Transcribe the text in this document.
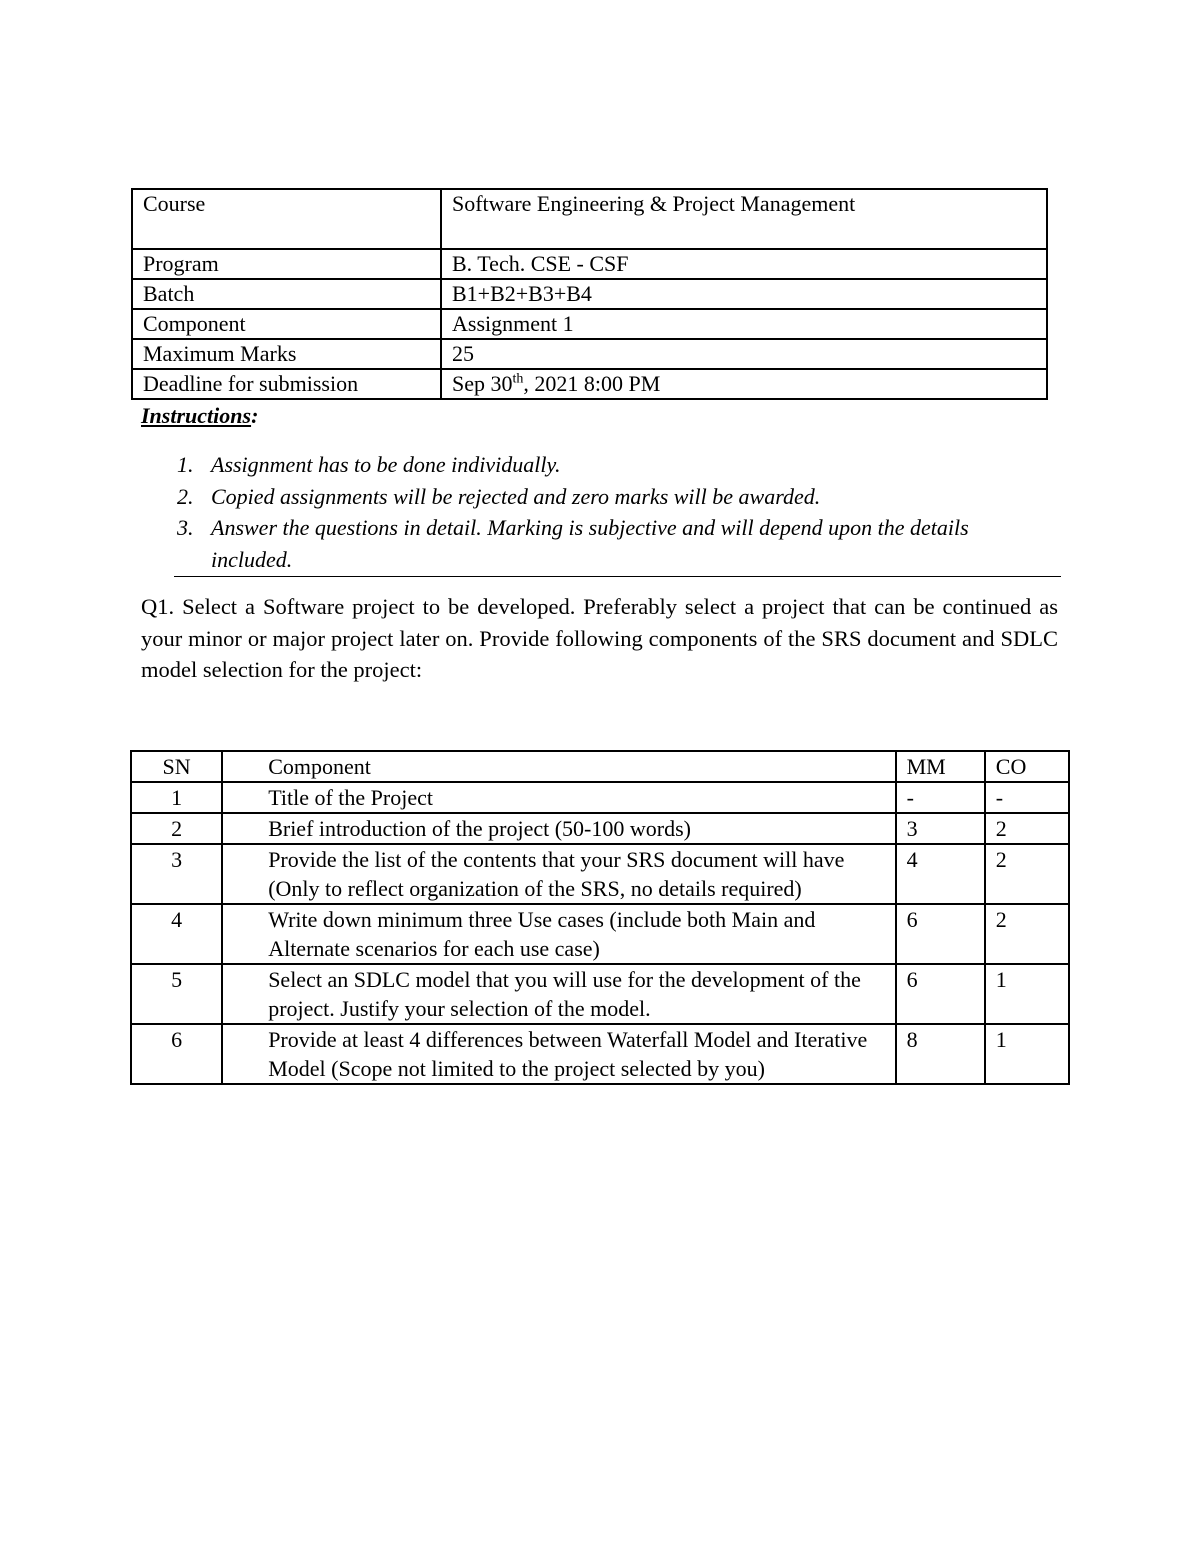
Course	Software Engineering & Project Management
Program	B. Tech. CSE - CSF
Batch	B1+B2+B3+B4
Component	Assignment 1
Maximum Marks	25
Deadline for submission	Sep 30th, 2021 8:00 PM
Instructions:
1. Assignment has to be done individually.
2. Copied assignments will be rejected and zero marks will be awarded.
3. Answer the questions in detail. Marking is subjective and will depend upon the details included.

Q1. Select a Software project to be developed. Preferably select a project that can be continued as your minor or major project later on. Provide following components of the SRS document and SDLC model selection for the project:

SN	Component	MM	CO
1	Title of the Project	-	-
2	Brief introduction of the project (50-100 words)	3	2
3	Provide the list of the contents that your SRS document will have (Only to reflect organization of the SRS, no details required)	4	2
4	Write down minimum three Use cases (include both Main and Alternate scenarios for each use case)	6	2
5	Select an SDLC model that you will use for the development of the project. Justify your selection of the model.	6	1
6	Provide at least 4 differences between Waterfall Model and Iterative Model (Scope not limited to the project selected by you)	8	1
